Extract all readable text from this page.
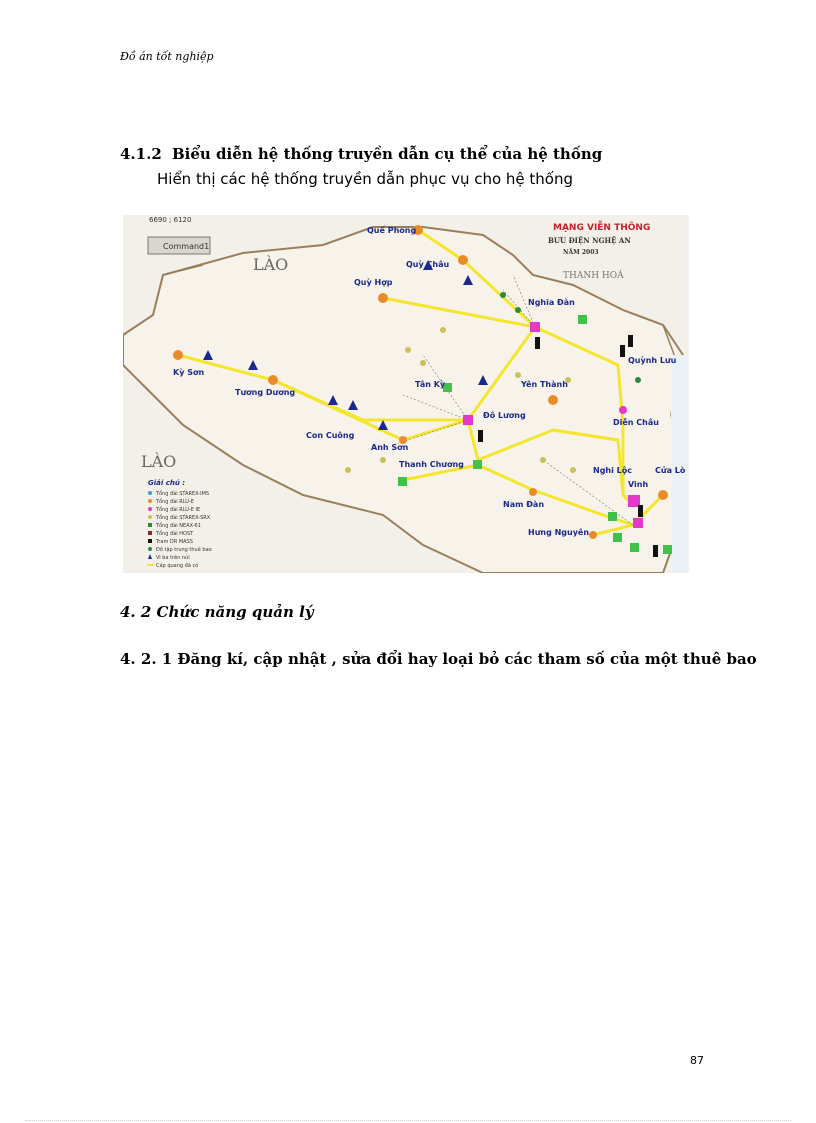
Đồ án tốt nghiệp
4.1.2 Biểu diễn hệ thống truyền dẫn cụ thể của hệ thống
Hiển thị các hệ thống truyền dẫn phục vụ cho hệ thống
6690 ; 6120
Command1
MẠNG VIỄN THÔNG
BƯU ĐIỆN NGHỆ AN
NĂM 2003
LÀO
LÀO
THANH HOÁ
Quế Phong
Quỳ Châu
Quỳ Hợp
Nghĩa Đàn
Quỳnh Lưu
Kỳ Sơn
Tương Dương
Tân Kỳ	Yên Thành
Đô Lương
Diễn Châu
Con Cuông
Anh Sơn
Thanh Chương
Nghi Lộc	Cửa Lò
Nam Đàn
Vinh
Hưng Nguyên
Giải chú :
Tổng đài STAREX-IMS
Tổng đài RLU-E
Tổng đài RLU-E IE
Tổng đài STAREX-SRX
Tổng đài NEAX-61
Tổng đài HOST
Tram DR MASS
Đồ tập trung thuê bao
Vi ba trên núi
Cáp quang đã có
4. 2 Chức năng quản lý
4. 2. 1 Đăng kí, cập nhật , sửa đổi hay loại bỏ các tham số của một thuê bao
87
